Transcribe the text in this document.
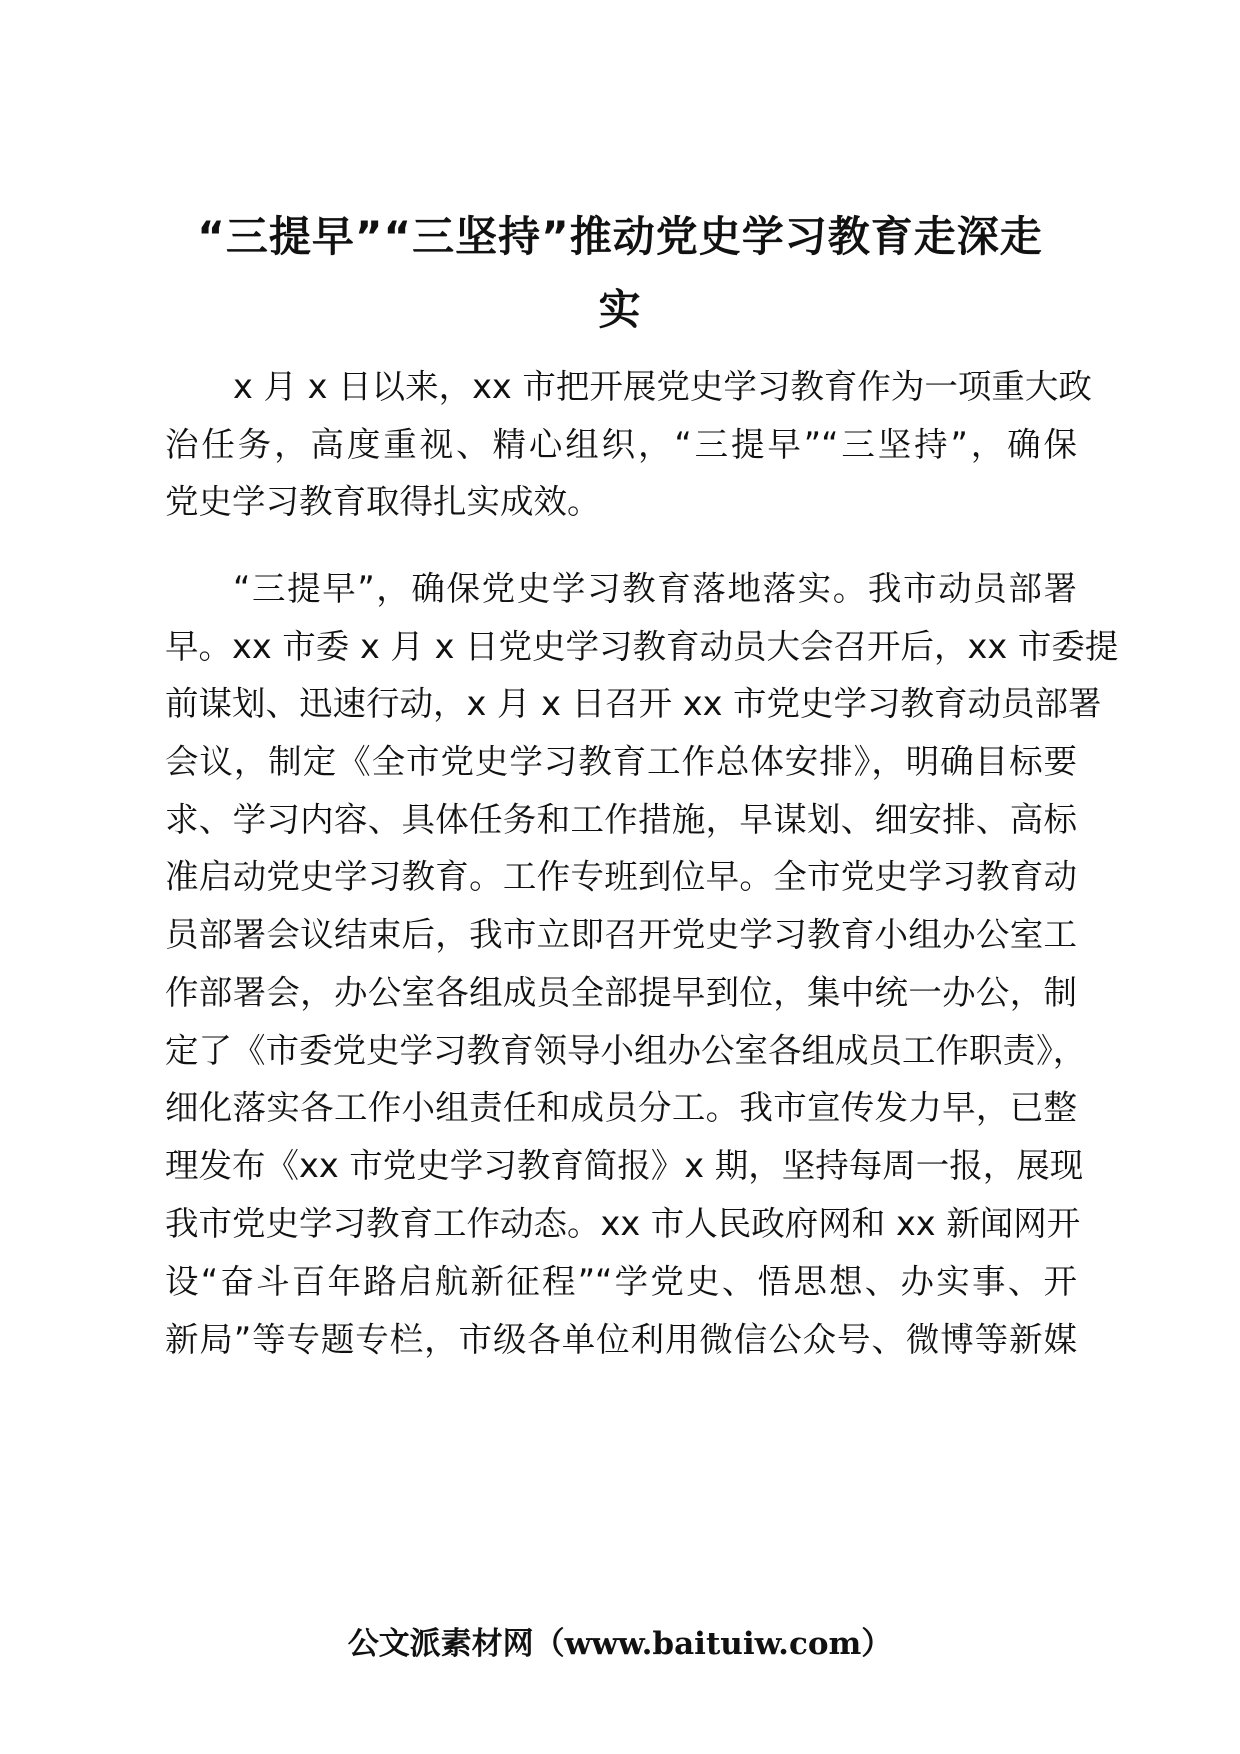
“三提早”“三坚持”推动党史学习教育走深走
实
x 月 x 日以来，xx 市把开展党史学习教育作为一项重大政
治任务，高度重视、精心组织，“三提早”“三坚持”，确保
党史学习教育取得扎实成效。
“三提早”，确保党史学习教育落地落实。我市动员部署
早。xx 市委 x 月 x 日党史学习教育动员大会召开后，xx 市委提
前谋划、迅速行动，x 月 x 日召开 xx 市党史学习教育动员部署
会议，制定《全市党史学习教育工作总体安排》，明确目标要
求、学习内容、具体任务和工作措施，早谋划、细安排、高标
准启动党史学习教育。工作专班到位早。全市党史学习教育动
员部署会议结束后，我市立即召开党史学习教育小组办公室工
作部署会，办公室各组成员全部提早到位，集中统一办公，制
定了《市委党史学习教育领导小组办公室各组成员工作职责》，
细化落实各工作小组责任和成员分工。我市宣传发力早，已整
理发布《xx 市党史学习教育简报》x 期，坚持每周一报，展现
我市党史学习教育工作动态。xx 市人民政府网和 xx 新闻网开
设“奋斗百年路启航新征程”“学党史、悟思想、办实事、开
新局”等专题专栏，市级各单位利用微信公众号、微博等新媒
公文派素材网（www.baituiw.com）
